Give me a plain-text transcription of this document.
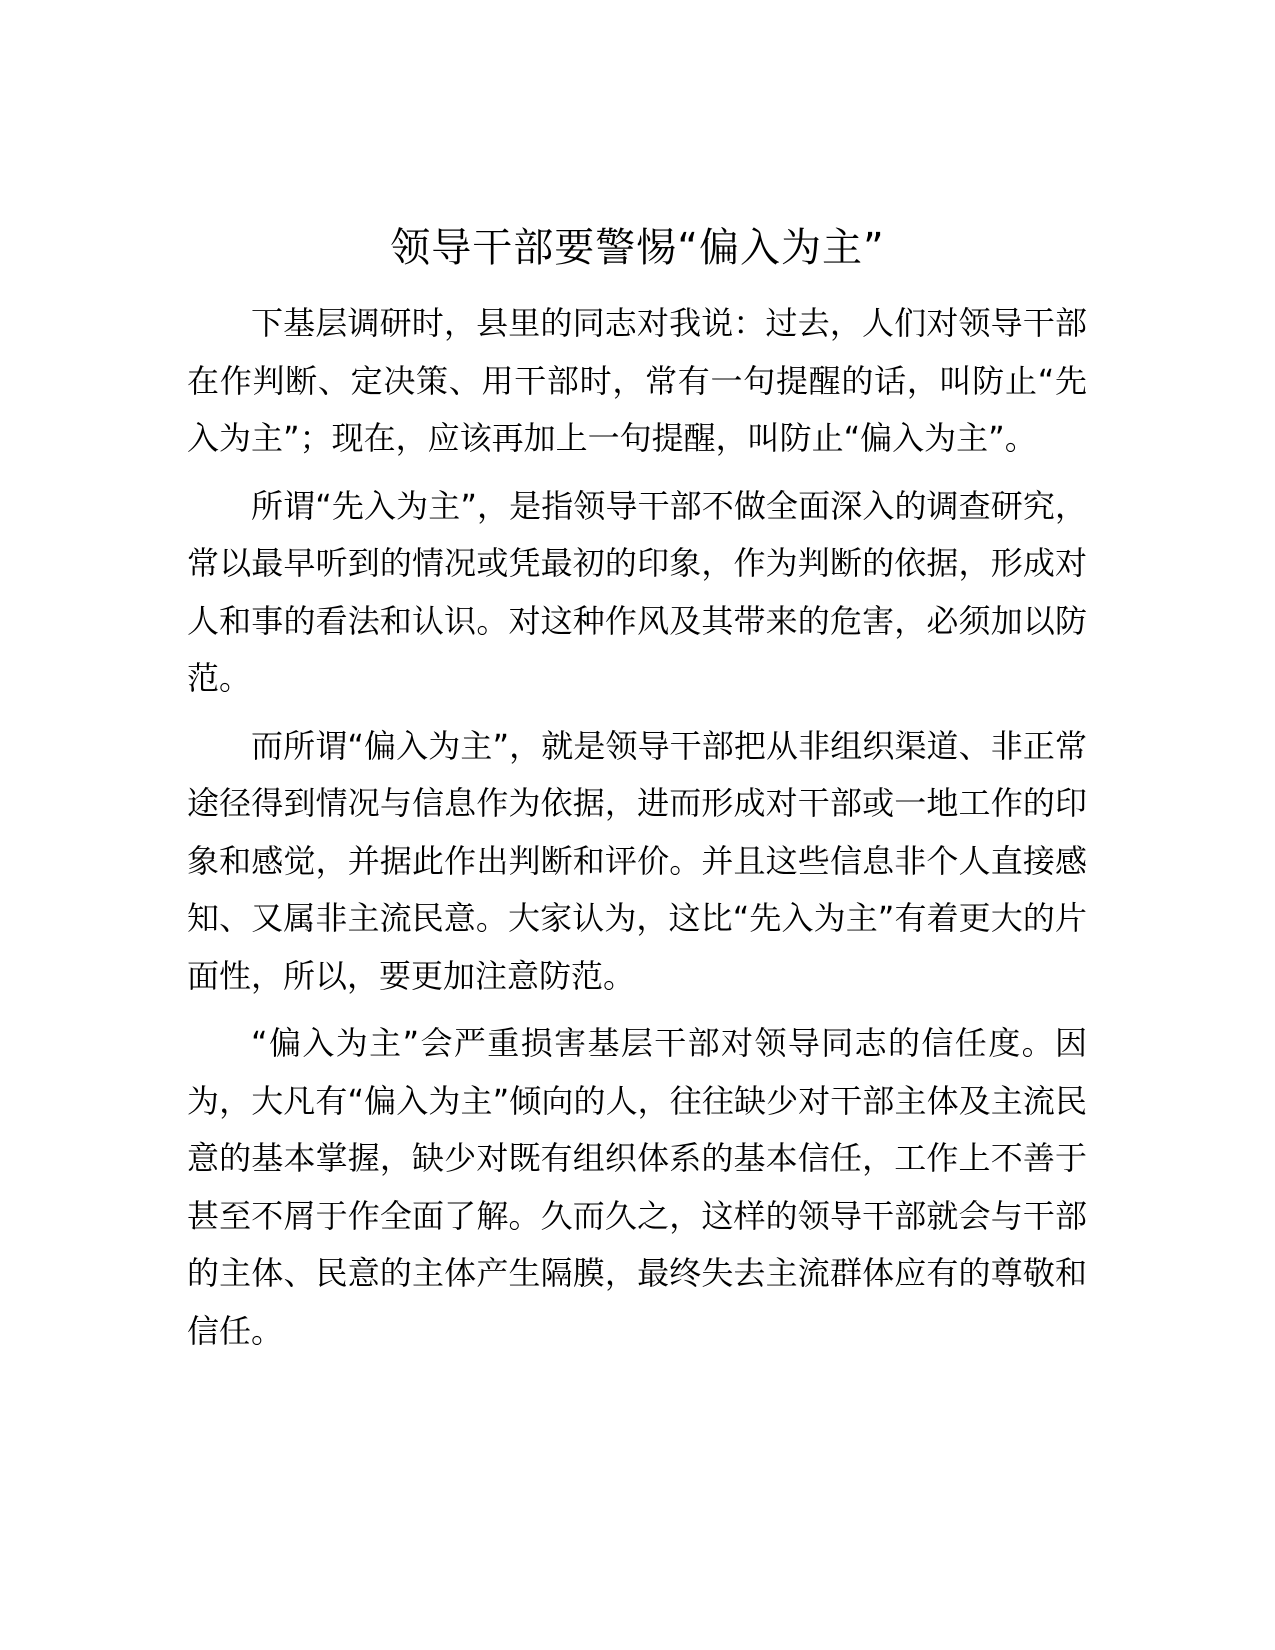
领导干部要警惕“偏入为主”

下基层调研时，县里的同志对我说：过去，人们对领导干部在作判断、定决策、用干部时，常有一句提醒的话，叫防止“先入为主”；现在，应该再加上一句提醒，叫防止“偏入为主”。

所谓“先入为主”，是指领导干部不做全面深入的调查研究，常以最早听到的情况或凭最初的印象，作为判断的依据，形成对人和事的看法和认识。对这种作风及其带来的危害，必须加以防范。

而所谓“偏入为主”，就是领导干部把从非组织渠道、非正常途径得到情况与信息作为依据，进而形成对干部或一地工作的印象和感觉，并据此作出判断和评价。并且这些信息非个人直接感知、又属非主流民意。大家认为，这比“先入为主”有着更大的片面性，所以，要更加注意防范。

“偏入为主”会严重损害基层干部对领导同志的信任度。因为，大凡有“偏入为主”倾向的人，往往缺少对干部主体及主流民意的基本掌握，缺少对既有组织体系的基本信任，工作上不善于甚至不屑于作全面了解。久而久之，这样的领导干部就会与干部的主体、民意的主体产生隔膜，最终失去主流群体应有的尊敬和信任。
